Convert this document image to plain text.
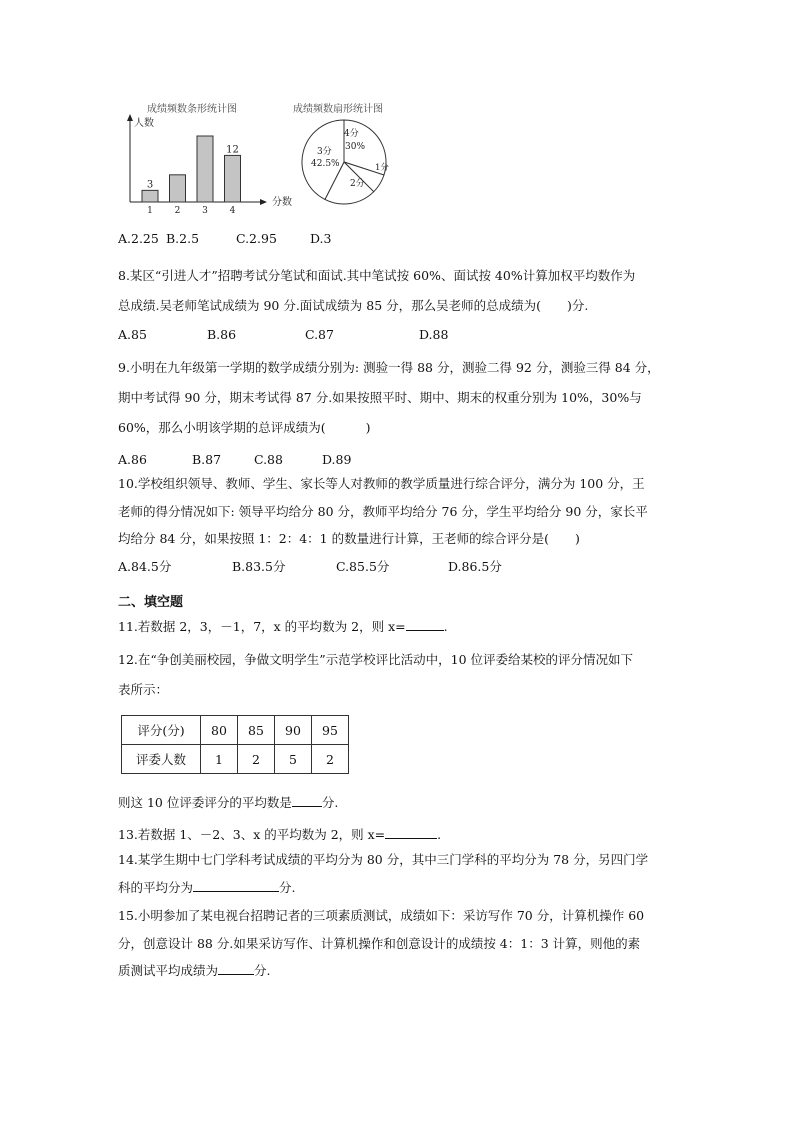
成绩频数条形统计图	成绩频数扇形统计图
人数
分数
1
3
2 3 4
12
4分
30%
3分
42.5%	1分
2分
A.2.25 B.2.5	C.2.95	D.3
8.某区“引进人才”招聘考试分笔试和面试.其中笔试按 60%、面试按 40%计算加权平均数作为
总成绩.吴老师笔试成绩为 90 分.面试成绩为 85 分，那么吴老师的总成绩为( )分.
A.85	B.86	C.87	D.88
9.小明在九年级第一学期的数学成绩分别为: 测验一得 88 分，测验二得 92 分，测验三得 84 分，
期中考试得 90 分，期末考试得 87 分.如果按照平时、期中、期末的权重分别为 10%，30%与
60%，那么小明该学期的总评成绩为(	)
A.86	B.87	C.88	D.89
10.学校组织领导、教师、学生、家长等人对教师的教学质量进行综合评分，满分为 100 分，王
老师的得分情况如下: 领导平均给分 80 分，教师平均给分 76 分，学生平均给分 90 分，家长平
均给分 84 分，如果按照 1：2：4：1 的数量进行计算，王老师的综合评分是( )
A.84.5分	B.83.5分	C.85.5分	D.86.5分
二、填空题
11.若数据 2，3，－1，7，x 的平均数为 2，则 x=	.
12.在“争创美丽校园，争做文明学生”示范学校评比活动中，10 位评委给某校的评分情况如下
表所示：
评分(分)	80	85	90	95
评委人数	1	2	5	2
则这 10 位评委评分的平均数是 分.
13.若数据 1、－2、3、x 的平均数为 2，则 x=	.
14.某学生期中七门学科考试成绩的平均分为 80 分，其中三门学科的平均分为 78 分，另四门学
科的平均分为	分.
15.小明参加了某电视台招聘记者的三项素质测试，成绩如下：采访写作 70 分，计算机操作 60
分，创意设计 88 分.如果采访写作、计算机操作和创意设计的成绩按 4：1：3 计算，则他的素
质测试平均成绩为	分.
